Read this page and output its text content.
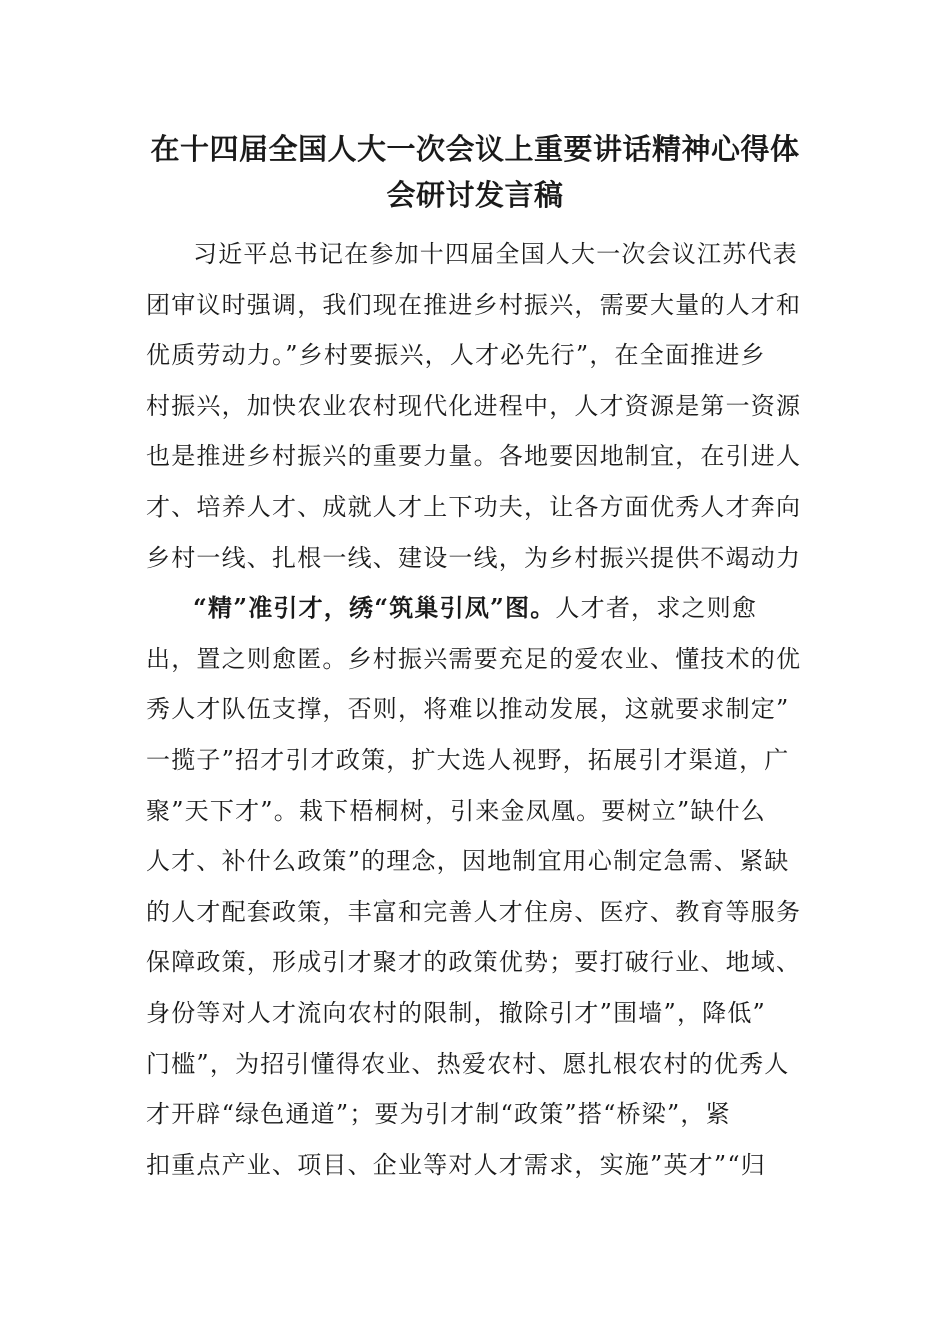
在十四届全国人大一次会议上重要讲话精神心得体
会研讨发言稿
习近平总书记在参加十四届全国人大一次会议江苏代表
团审议时强调，我们现在推进乡村振兴，需要大量的人才和
优质劳动力。”乡村要振兴，人才必先行”，在全面推进乡
村振兴，加快农业农村现代化进程中，人才资源是第一资源
也是推进乡村振兴的重要力量。各地要因地制宜，在引进人
才、培养人才、成就人才上下功夫，让各方面优秀人才奔向
乡村一线、扎根一线、建设一线，为乡村振兴提供不竭动力
“精”准引才，绣“筑巢引凤”图。人才者，求之则愈
出，置之则愈匿。乡村振兴需要充足的爱农业、懂技术的优
秀人才队伍支撑，否则，将难以推动发展，这就要求制定”
一揽子”招才引才政策，扩大选人视野，拓展引才渠道，广
聚”天下才”。栽下梧桐树，引来金凤凰。要树立”缺什么
人才、补什么政策”的理念，因地制宜用心制定急需、紧缺
的人才配套政策，丰富和完善人才住房、医疗、教育等服务
保障政策，形成引才聚才的政策优势；要打破行业、地域、
身份等对人才流向农村的限制，撤除引才”围墙”，降低”
门槛”，为招引懂得农业、热爱农村、愿扎根农村的优秀人
才开辟“绿色通道”；要为引才制“政策”搭“桥梁”，紧
扣重点产业、项目、企业等对人才需求，实施”英才”“归
